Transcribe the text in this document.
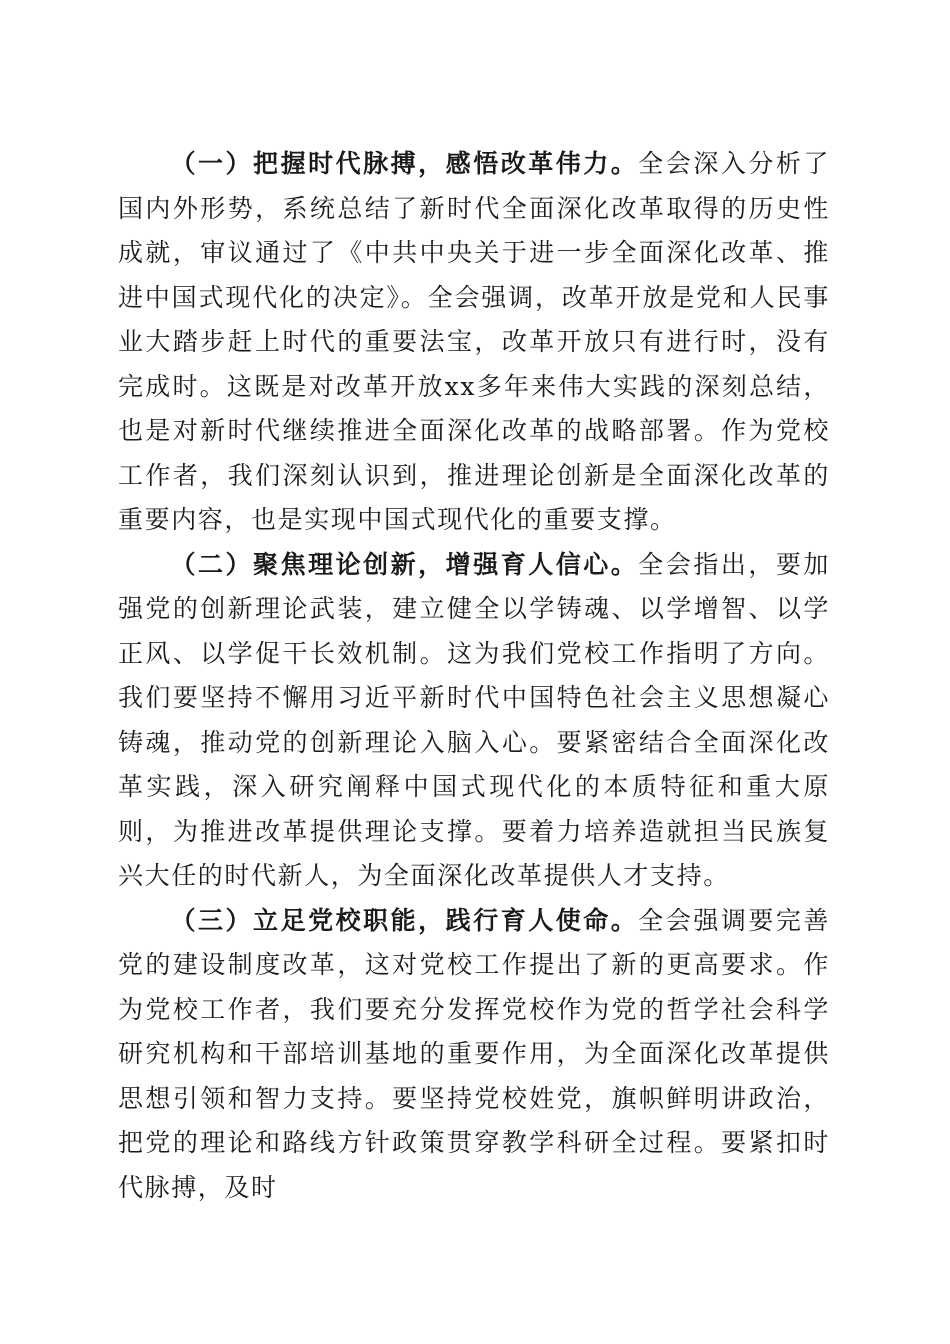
（一）把握时代脉搏，感悟改革伟力。全会深入分析了国内外形势，系统总结了新时代全面深化改革取得的历史性成就，审议通过了《中共中央关于进一步全面深化改革、推进中国式现代化的决定》。全会强调，改革开放是党和人民事业大踏步赶上时代的重要法宝，改革开放只有进行时，没有完成时。这既是对改革开放xx多年来伟大实践的深刻总结，也是对新时代继续推进全面深化改革的战略部署。作为党校工作者，我们深刻认识到，推进理论创新是全面深化改革的重要内容，也是实现中国式现代化的重要支撑。

（二）聚焦理论创新，增强育人信心。全会指出，要加强党的创新理论武装，建立健全以学铸魂、以学增智、以学正风、以学促干长效机制。这为我们党校工作指明了方向。我们要坚持不懈用习近平新时代中国特色社会主义思想凝心铸魂，推动党的创新理论入脑入心。要紧密结合全面深化改革实践，深入研究阐释中国式现代化的本质特征和重大原则，为推进改革提供理论支撑。要着力培养造就担当民族复兴大任的时代新人，为全面深化改革提供人才支持。

（三）立足党校职能，践行育人使命。全会强调要完善党的建设制度改革，这对党校工作提出了新的更高要求。作为党校工作者，我们要充分发挥党校作为党的哲学社会科学研究机构和干部培训基地的重要作用，为全面深化改革提供思想引领和智力支持。要坚持党校姓党，旗帜鲜明讲政治，把党的理论和路线方针政策贯穿教学科研全过程。要紧扣时代脉搏，及时
